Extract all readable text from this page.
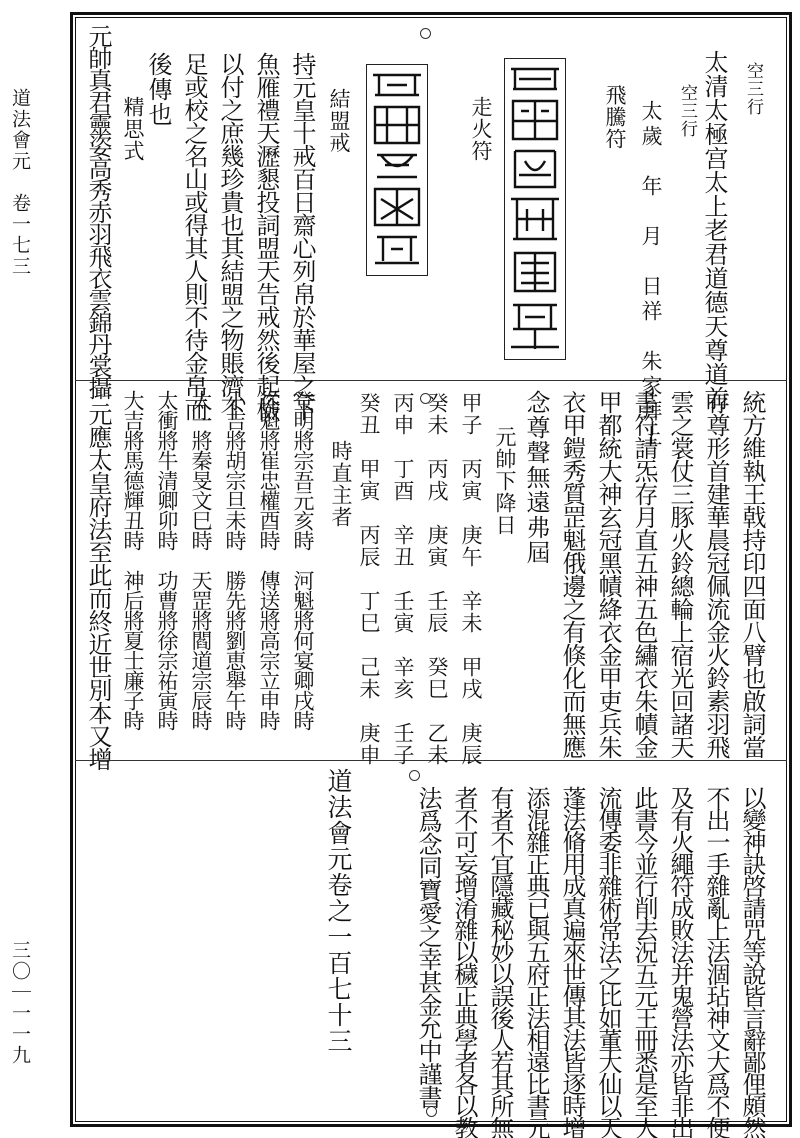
道法會元　卷一七三
三〇｜一一九
空三行
太清太極宫太上老君道德天尊道前
空三行
太歲　年　月　日祥　朱家拜上
飛騰符
走火符
結盟戒
持元皇十戒百日齋心列帛於華屋之下
魚雁禮天瀝懇投詞盟天告戒然後起檢
以付之庶幾珍貴也其結盟之物賬濟不
足或校之名山或得其人則不待金帛而
後傳也
精思式
元帥真君靈姿高秀赤羽飛衣雲錦丹裳攝
統方維執王戟持印四面八臂也啟詞當
存尊形首建華晨冠佩流金火鈴素羽飛
雲之裳仗三豚火鈴總輪上宿光回諸天
書符請炁存月直五神五色繡衣朱幘金
甲都統大神玄冠黑幘絳衣金甲吏兵朱
衣甲鎧秀質罡魁俄邊之有倏化而無應
念尊聲無遠弗屆
元帥下降日
甲子　丙寅　庚午　辛未　甲戌　庚辰
癸未　丙戌　庚寅　壬辰　癸巳　乙未
丙申　丁酉　辛丑　壬寅　辛亥　壬子
癸丑　甲寅　丙辰　丁巳　己未　庚申
時直主者
登明將宗吾元亥時　河魁將何宴卿戌時
從魁將崔忠權酉時　傳送將高宗立申時
小吉將胡宗旦未時　勝先將劉恵舉午時
太一將秦旻文巳時　天罡將閻道宗辰時
太衝將牛清卿卯時　功曹將徐宗祐寅時
大吉將馬德輝丑時　神后將夏士廉子時
元應太皇府法至此而終近世別本又增
以變神訣啓請咒等說皆言辭鄙俚頗然
不出一手雜亂上法涸玷神文大爲不便
及有火繩符成敗法并鬼營法亦皆非出
此書今並行削去況五元王冊悉是至人
流傳委非雜術常法之比如董大仙以天
蓬法脩用成真遍來世傳其法皆逐時增
添混雜正典已與五府正法相遠比書元
有者不宜隱藏秘妙以誤後人若其所無
者不可妄增淆雜以穢正典學者各以教
法爲念同寶愛之幸甚金允中謹書
道法會元卷之一百七十三
